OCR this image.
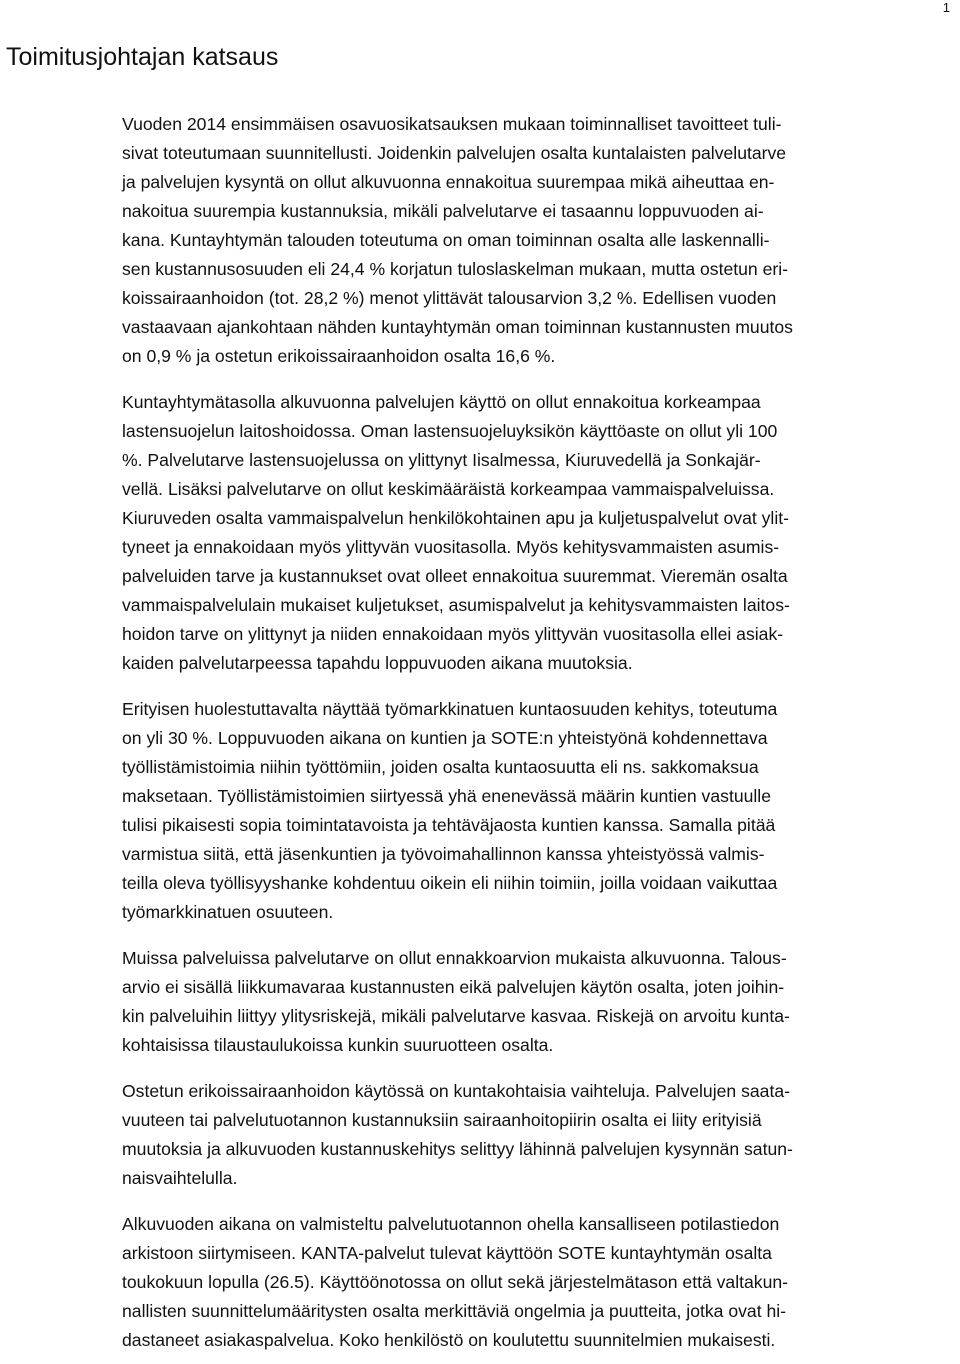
1
Toimitusjohtajan katsaus

Vuoden 2014 ensimmäisen osavuosikatsauksen mukaan toiminnalliset tavoitteet tuli-
sivat toteutumaan suunnitellusti. Joidenkin palvelujen osalta kuntalaisten palvelutarve
ja palvelujen kysyntä on ollut alkuvuonna ennakoitua suurempaa mikä aiheuttaa en-
nakoitua suurempia kustannuksia, mikäli palvelutarve ei tasaannu loppuvuoden ai-
kana. Kuntayhtymän talouden toteutuma on oman toiminnan osalta alle laskennalli-
sen kustannusosuuden eli 24,4 % korjatun tuloslaskelman mukaan, mutta ostetun eri-
koissairaanhoidon (tot. 28,2 %) menot ylittävät talousarvion 3,2 %. Edellisen vuoden
vastaavaan ajankohtaan nähden kuntayhtymän oman toiminnan kustannusten muutos
on 0,9 % ja ostetun erikoissairaanhoidon osalta 16,6 %.

Kuntayhtymätasolla alkuvuonna palvelujen käyttö on ollut ennakoitua korkeampaa
lastensuojelun laitoshoidossa. Oman lastensuojeluyksikön käyttöaste on ollut yli 100
%. Palvelutarve lastensuojelussa on ylittynyt Iisalmessa, Kiuruvedellä ja Sonkajär-
vellä. Lisäksi palvelutarve on ollut keskimääräistä korkeampaa vammaispalveluissa.
Kiuruveden osalta vammaispalvelun henkilökohtainen apu ja kuljetuspalvelut ovat ylit-
tyneet ja ennakoidaan myös ylittyvän vuositasolla. Myös kehitysvammaisten asumis-
palveluiden tarve ja kustannukset ovat olleet ennakoitua suuremmat. Vieremän osalta
vammaispalvelulain mukaiset kuljetukset, asumispalvelut ja kehitysvammaisten laitos-
hoidon tarve on ylittynyt ja niiden ennakoidaan myös ylittyvän vuositasolla ellei asiak-
kaiden palvelutarpeessa tapahdu loppuvuoden aikana muutoksia.

Erityisen huolestuttavalta näyttää työmarkkinatuen kuntaosuuden kehitys, toteutuma
on yli 30 %. Loppuvuoden aikana on kuntien ja SOTE:n yhteistyönä kohdennettava
työllistämistoimia niihin työttömiin, joiden osalta kuntaosuutta eli ns. sakkomaksua
maksetaan. Työllistämistoimien siirtyessä yhä enenevässä määrin kuntien vastuulle
tulisi pikaisesti sopia toimintatavoista ja tehtäväjaosta kuntien kanssa. Samalla pitää
varmistua siitä, että jäsenkuntien ja työvoimahallinnon kanssa yhteistyössä valmis-
teilla oleva työllisyyshanke kohdentuu oikein eli niihin toimiin, joilla voidaan vaikuttaa
työmarkkinatuen osuuteen.

Muissa palveluissa palvelutarve on ollut ennakkoarvion mukaista alkuvuonna. Talous-
arvio ei sisällä liikkumavaraa kustannusten eikä palvelujen käytön osalta, joten joihin-
kin palveluihin liittyy ylitysriskejä, mikäli palvelutarve kasvaa. Riskejä on arvoitu kunta-
kohtaisissa tilaustaulukoissa kunkin suuruotteen osalta.

Ostetun erikoissairaanhoidon käytössä on kuntakohtaisia vaihteluja. Palvelujen saata-
vuuteen tai palvelutuotannon kustannuksiin sairaanhoitopiirin osalta ei liity erityisiä
muutoksia ja alkuvuoden kustannuskehitys selittyy lähinnä palvelujen kysynnän satun-
naisvaihtelulla.

Alkuvuoden aikana on valmisteltu palvelutuotannon ohella kansalliseen potilastiedon
arkistoon siirtymiseen. KANTA-palvelut tulevat käyttöön SOTE kuntayhtymän osalta
toukokuun lopulla (26.5). Käyttöönotossa on ollut sekä järjestelmätason että valtakun-
nallisten suunnittelumääritysten osalta merkittäviä ongelmia ja puutteita, jotka ovat hi-
dastaneet asiakaspalvelua. Koko henkilöstö on koulutettu suunnitelmien mukaisesti.
